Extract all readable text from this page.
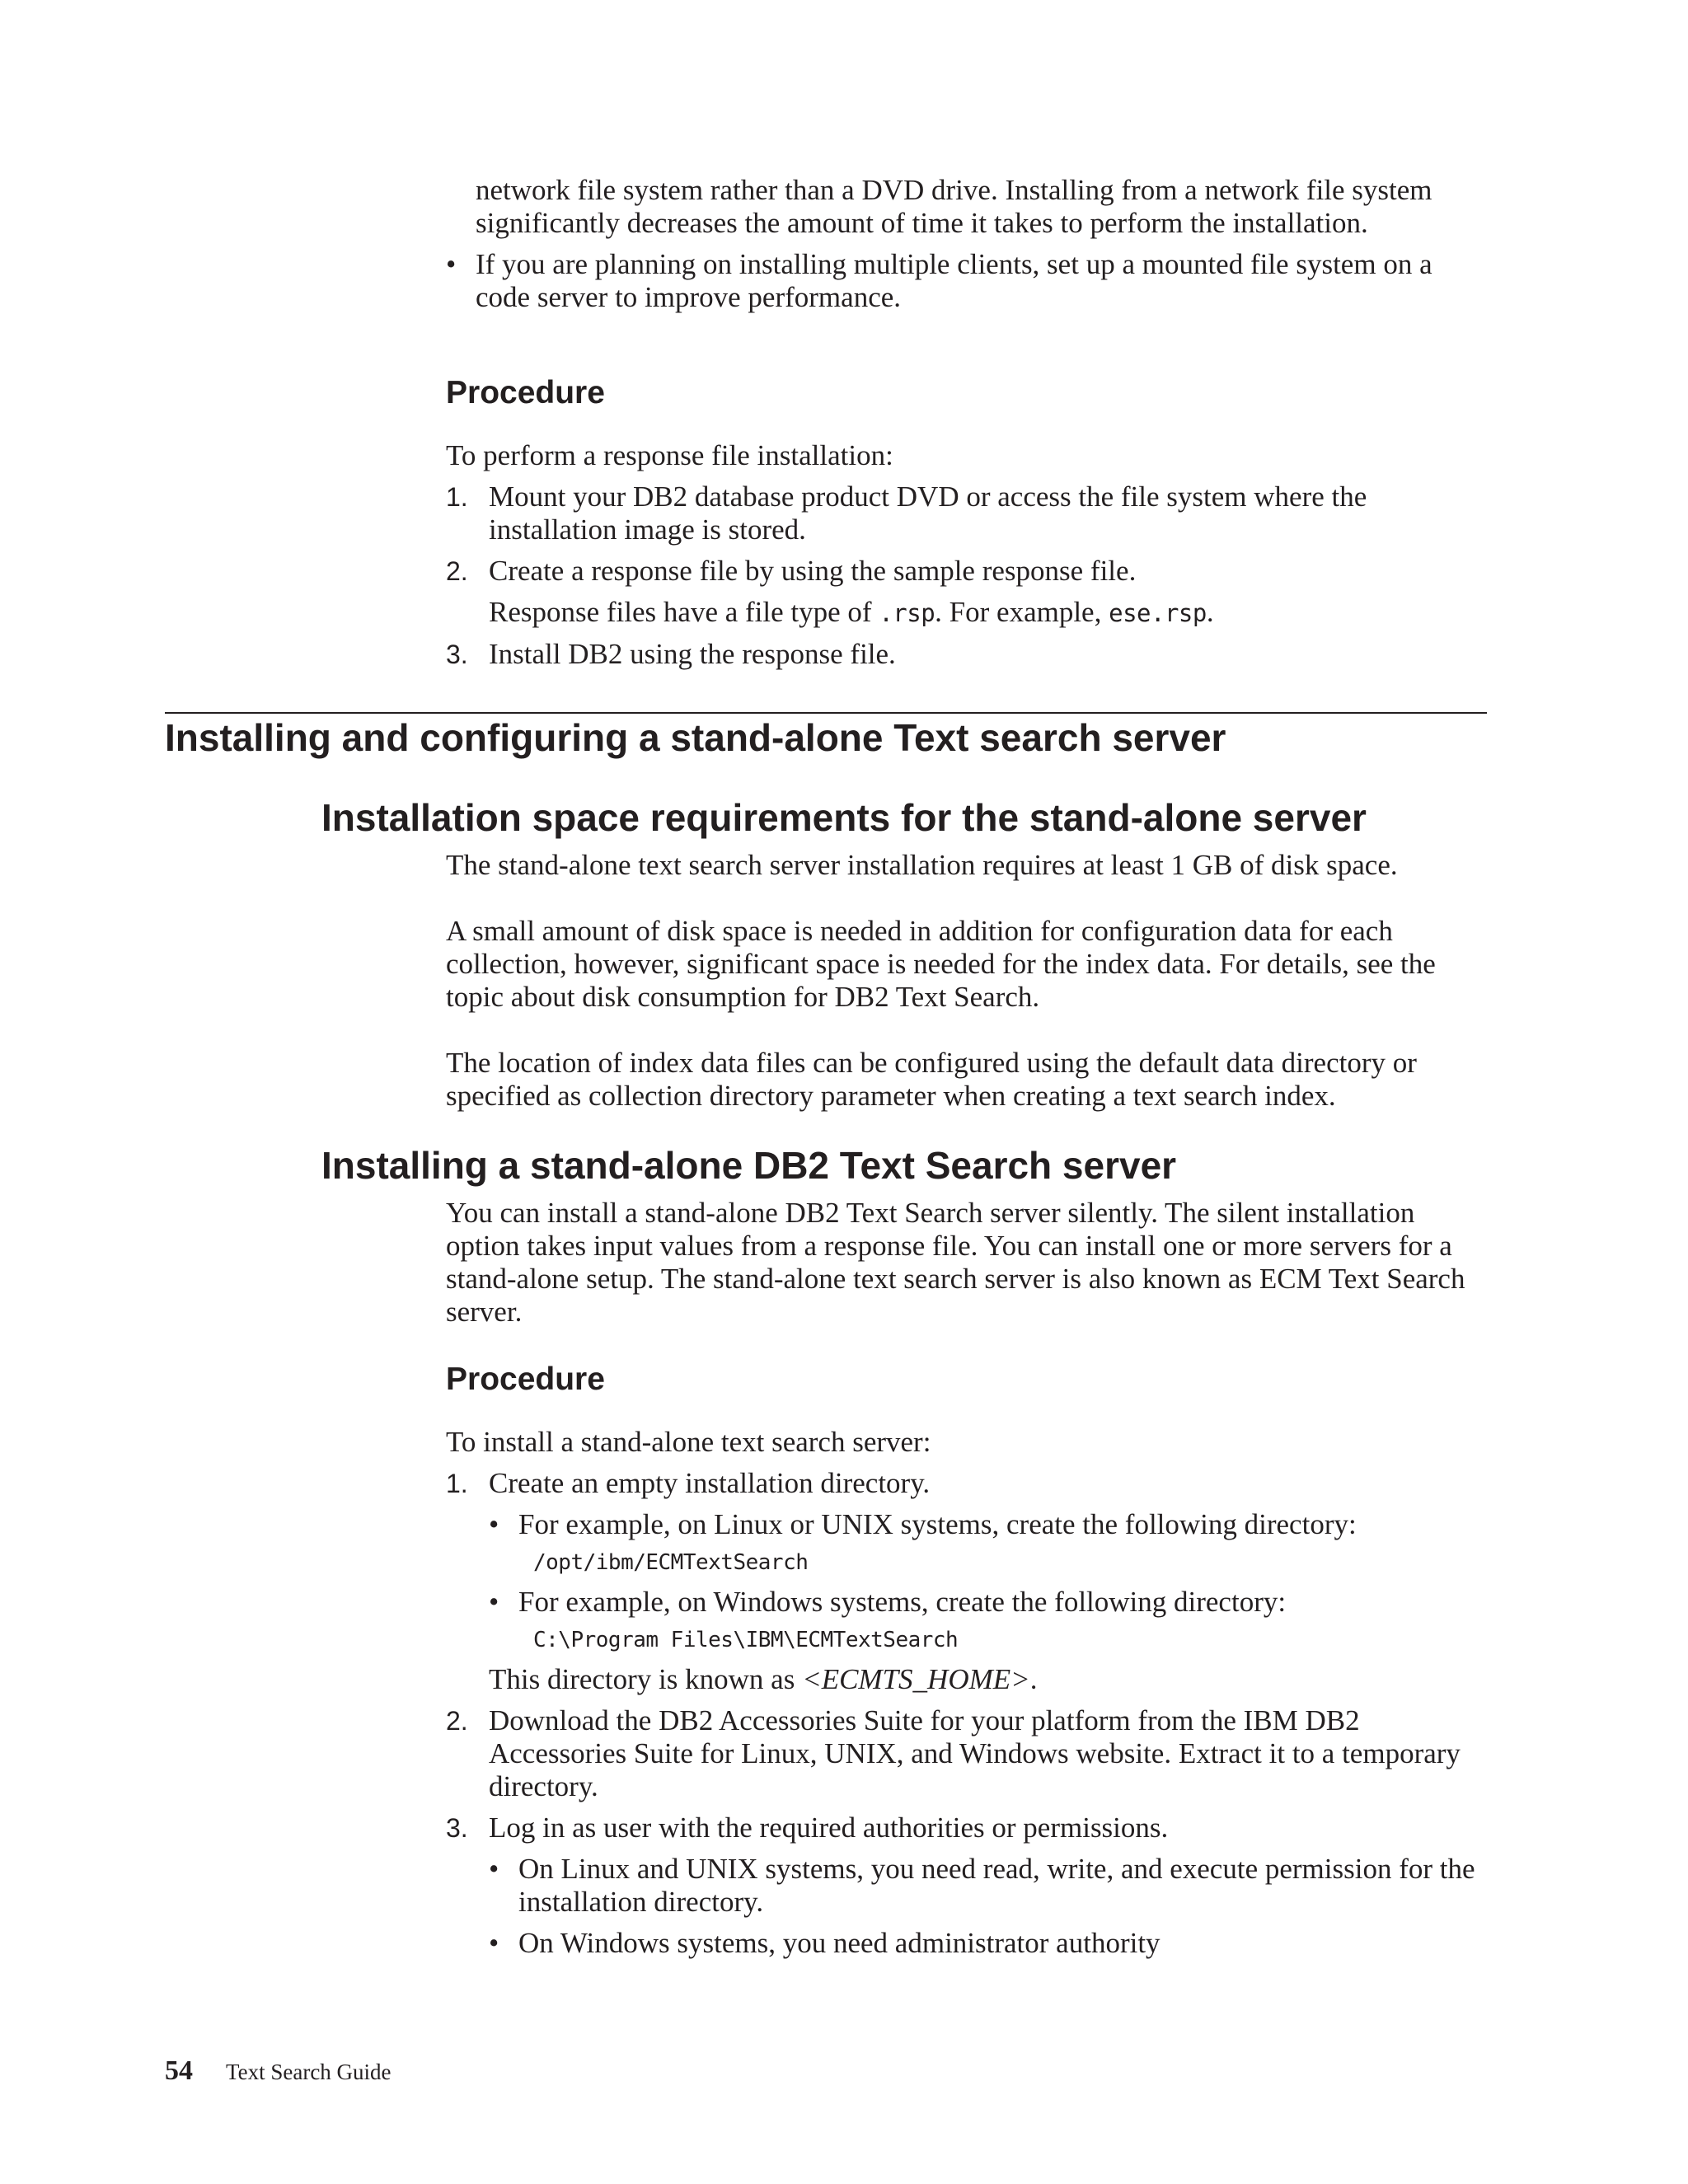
network file system rather than a DVD drive. Installing from a network file system significantly decreases the amount of time it takes to perform the installation.

• If you are planning on installing multiple clients, set up a mounted file system on a code server to improve performance.
Procedure

To perform a response file installation:

1. Mount your DB2 database product DVD or access the file system where the installation image is stored.
2. Create a response file by using the sample response file.

Response files have a file type of .rsp. For example, ese.rsp.

3. Install DB2 using the response file.
Installing and configuring a stand-alone Text search server
Installation space requirements for the stand-alone server

The stand-alone text search server installation requires at least 1 GB of disk space.

A small amount of disk space is needed in addition for configuration data for each collection, however, significant space is needed for the index data. For details, see the topic about disk consumption for DB2 Text Search.

The location of index data files can be configured using the default data directory or specified as collection directory parameter when creating a text search index.

Installing a stand-alone DB2 Text Search server

You can install a stand-alone DB2 Text Search server silently. The silent installation option takes input values from a response file. You can install one or more servers for a stand-alone setup. The stand-alone text search server is also known as ECM Text Search server.

Procedure

To install a stand-alone text search server:

1. Create an empty installation directory.
• For example, on Linux or UNIX systems, create the following directory:
/opt/ibm/ECMTextSearch
• For example, on Windows systems, create the following directory:
C:\Program Files\IBM\ECMTextSearch

This directory is known as <ECMTS_HOME>.

2. Download the DB2 Accessories Suite for your platform from the IBM DB2 Accessories Suite for Linux, UNIX, and Windows website. Extract it to a temporary directory.
3. Log in as user with the required authorities or permissions.
• On Linux and UNIX systems, you need read, write, and execute permission for the installation directory.
• On Windows systems, you need administrator authority
54 Text Search Guide
